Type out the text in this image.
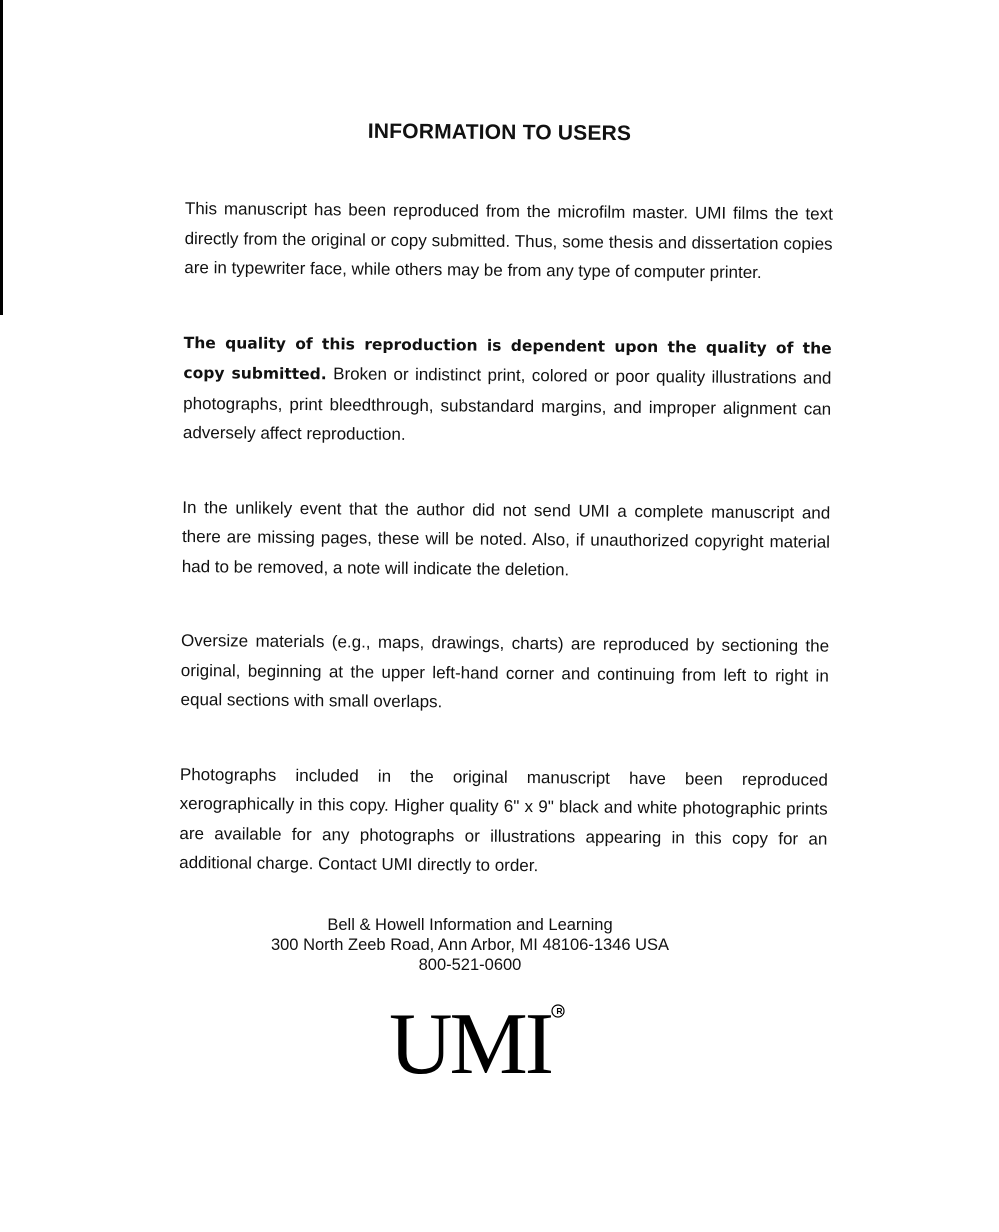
INFORMATION TO USERS

This manuscript has been reproduced from the microfilm master. UMI films the text directly from the original or copy submitted. Thus, some thesis and dissertation copies are in typewriter face, while others may be from any type of computer printer.

The quality of this reproduction is dependent upon the quality of the copy submitted. Broken or indistinct print, colored or poor quality illustrations and photographs, print bleedthrough, substandard margins, and improper alignment can adversely affect reproduction.

In the unlikely event that the author did not send UMI a complete manuscript and there are missing pages, these will be noted. Also, if unauthorized copyright material had to be removed, a note will indicate the deletion.

Oversize materials (e.g., maps, drawings, charts) are reproduced by sectioning the original, beginning at the upper left-hand corner and continuing from left to right in equal sections with small overlaps.

Photographs included in the original manuscript have been reproduced xerographically in this copy. Higher quality 6" x 9" black and white photographic prints are available for any photographs or illustrations appearing in this copy for an additional charge. Contact UMI directly to order.

Bell & Howell Information and Learning
300 North Zeeb Road, Ann Arbor, MI 48106-1346 USA
800-521-0600
UMI R
